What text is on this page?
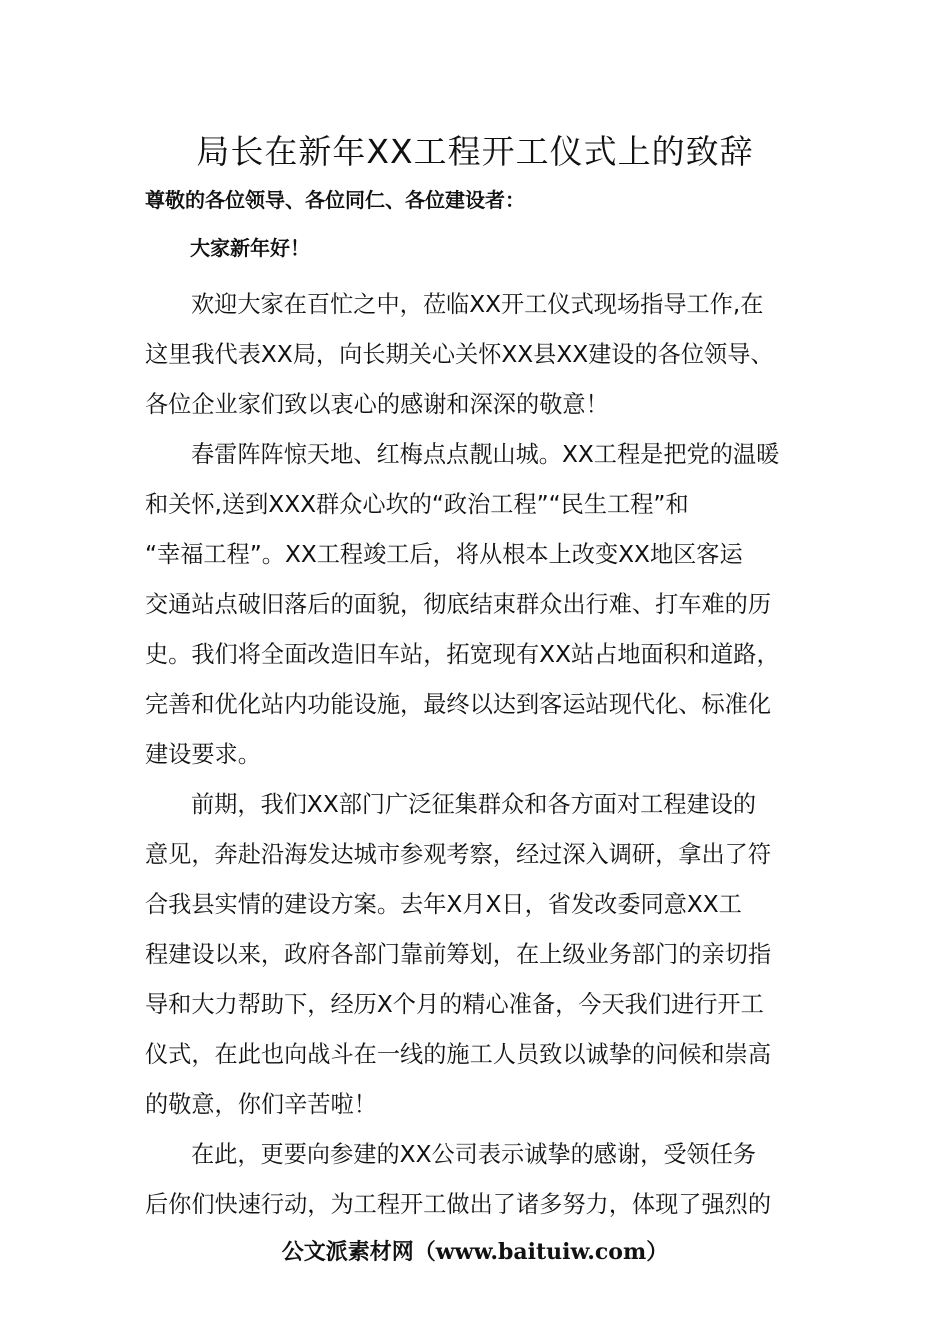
局长在新年XX工程开工仪式上的致辞
尊敬的各位领导、各位同仁、各位建设者：
大家新年好！
欢迎大家在百忙之中，莅临XX开工仪式现场指导工作,在
这里我代表XX局，向长期关心关怀XX县XX建设的各位领导、
各位企业家们致以衷心的感谢和深深的敬意！
春雷阵阵惊天地、红梅点点靓山城。XX工程是把党的温暖
和关怀,送到XXX群众心坎的“政治工程”“民生工程”和
“幸福工程”。XX工程竣工后，将从根本上改变XX地区客运
交通站点破旧落后的面貌，彻底结束群众出行难、打车难的历
史。我们将全面改造旧车站，拓宽现有XX站占地面积和道路，
完善和优化站内功能设施，最终以达到客运站现代化、标准化
建设要求。
前期，我们XX部门广泛征集群众和各方面对工程建设的
意见，奔赴沿海发达城市参观考察，经过深入调研，拿出了符
合我县实情的建设方案。去年X月X日，省发改委同意XX工
程建设以来，政府各部门靠前筹划，在上级业务部门的亲切指
导和大力帮助下，经历X个月的精心准备，今天我们进行开工
仪式，在此也向战斗在一线的施工人员致以诚挚的问候和崇高
的敬意，你们辛苦啦！
在此，更要向参建的XX公司表示诚挚的感谢，受领任务
后你们快速行动，为工程开工做出了诸多努力，体现了强烈的
公文派素材网（www.baituiw.com）
